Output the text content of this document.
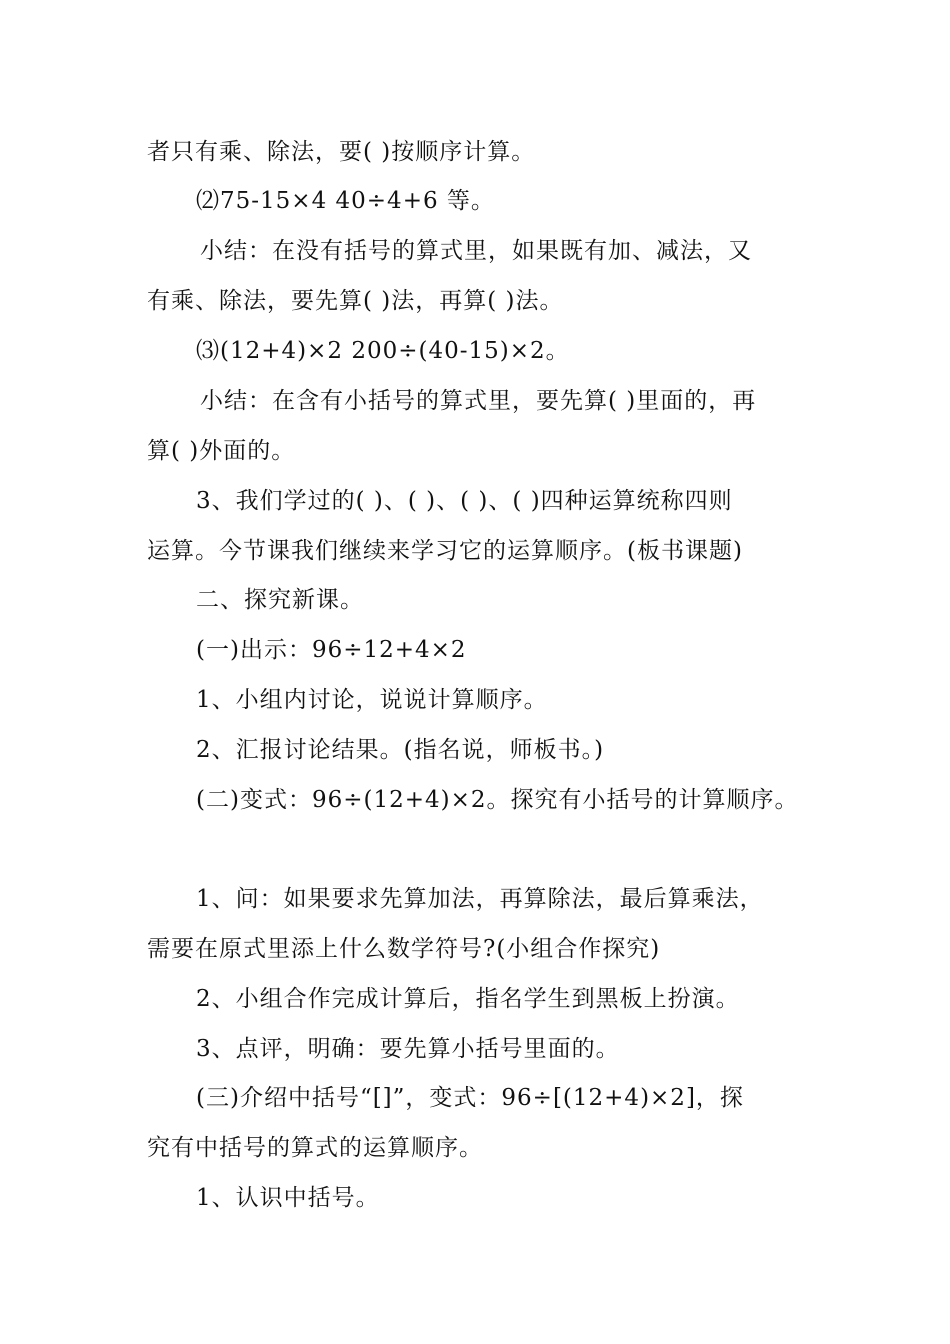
者只有乘、除法，要( )按顺序计算。
⑵75-15×4 40÷4+6 等。
小结：在没有括号的算式里，如果既有加、减法，又
有乘、除法，要先算( )法，再算( )法。
⑶(12+4)×2 200÷(40-15)×2。
小结：在含有小括号的算式里，要先算( )里面的，再
算( )外面的。
3、我们学过的( )、( )、( )、( )四种运算统称四则
运算。今节课我们继续来学习它的运算顺序。(板书课题)
二、探究新课。
(一)出示：96÷12+4×2
1、小组内讨论，说说计算顺序。
2、汇报讨论结果。(指名说，师板书。)
(二)变式：96÷(12+4)×2。探究有小括号的计算顺序。
1、问：如果要求先算加法，再算除法，最后算乘法，
需要在原式里添上什么数学符号?(小组合作探究)
2、小组合作完成计算后，指名学生到黑板上扮演。
3、点评，明确：要先算小括号里面的。
(三)介绍中括号“[]”，变式：96÷[(12+4)×2]，探
究有中括号的算式的运算顺序。
1、认识中括号。
